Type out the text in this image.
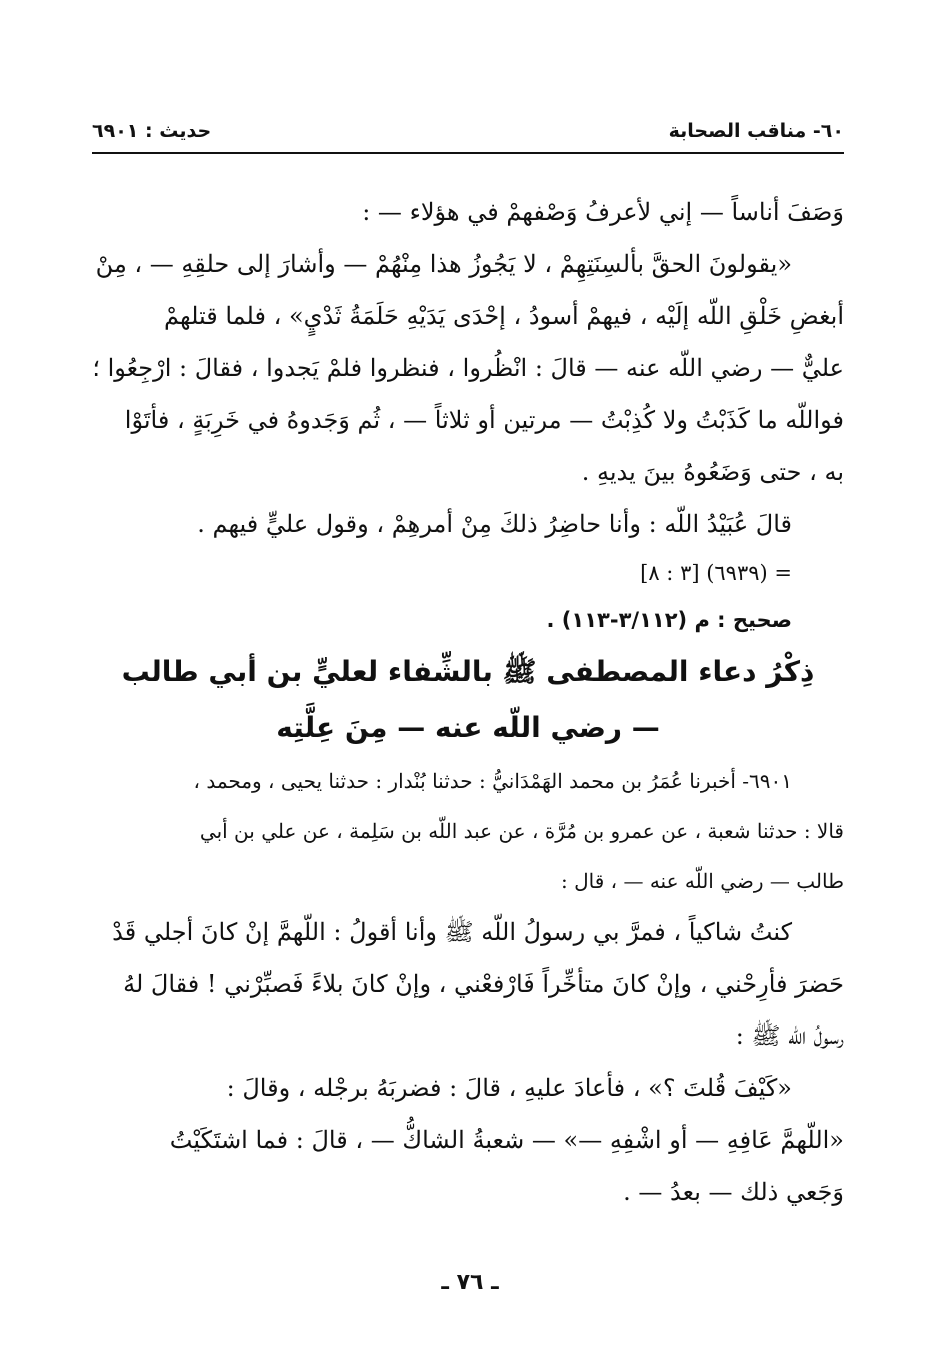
٦٠- مناقب الصحابة
حديث : ٦٩٠١
وَصَفَ أناساً — إني لأعرفُ وَصْفهمْ في هؤلاء — :
«يقولونَ الحقَّ بألسِنَتِهِمْ ، لا يَجُوزُ هذا مِنْهُمْ — وأشارَ إلى حلقِهِ — ، مِنْ
أبغضِ خَلْقِ اللّه إلَيْه ، فيهمْ أسودُ ، إحْدَى يَدَيْهِ حَلَمَةُ ثَدْيٍ» ، فلما قتلهمْ
عليٌّ — رضي اللّه عنه — قالَ : انْظُروا ، فنظروا فلمْ يَجدوا ، فقالَ : ارْجِعُوا ؛
فواللّه ما كَذَبْتُ ولا كُذِبْتُ — مرتين أو ثلاثاً — ، ثُم وَجَدوهُ في خَرِبَةٍ ، فأتَوْا
به ، حتى وَضَعُوهُ بينَ يديهِ .
قالَ عُبَيْدُ اللّه : وأنا حاضِرُ ذلكَ مِنْ أمرهِمْ ، وقول عليٍّ فيهم .
= (٦٩٣٩) [٣ : ٨]
صحيح : م (٣/١١٢-١١٣) .
ذِكْرُ دعاء المصطفى ﷺ بالشِّفاء لعليٍّ بن أبي طالب
— رضي اللّه عنه — مِنَ عِلَّتِه
٦٩٠١- أخبرنا عُمَرُ بن محمد الهَمْدَانيُّ : حدثنا بُنْدار : حدثنا يحيى ، ومحمد ،
قالا : حدثنا شعبة ، عن عمرو بن مُرَّة ، عن عبد اللّه بن سَلِمة ، عن علي بن أبي
طالب — رضي اللّه عنه — ، قال :
كنتُ شاكياً ، فمرَّ بي رسولُ اللّه ﷺ وأنا أقولُ : اللّهمَّ إنْ كانَ أجلي قَدْ
حَضرَ فأرِحْني ، وإنْ كانَ متأخِّراً فَارْفعْني ، وإنْ كانَ بلاءً فَصبِّرْني ! فقالَ لهُ
رسولُ اللّه ﷺ :
«كَيْفَ قُلتَ ؟» ، فأعادَ عليهِ ، قالَ : فضربَهُ برجْله ، وقالَ :
«اللّهمَّ عَافِهِ — أو اشْفِهِ —» — شعبةُ الشاكُّ — ، قالَ : فما اشتَكَيْتُ
وَجَعي ذلك — بعدُ — .
ـ ٧٦ ـ
